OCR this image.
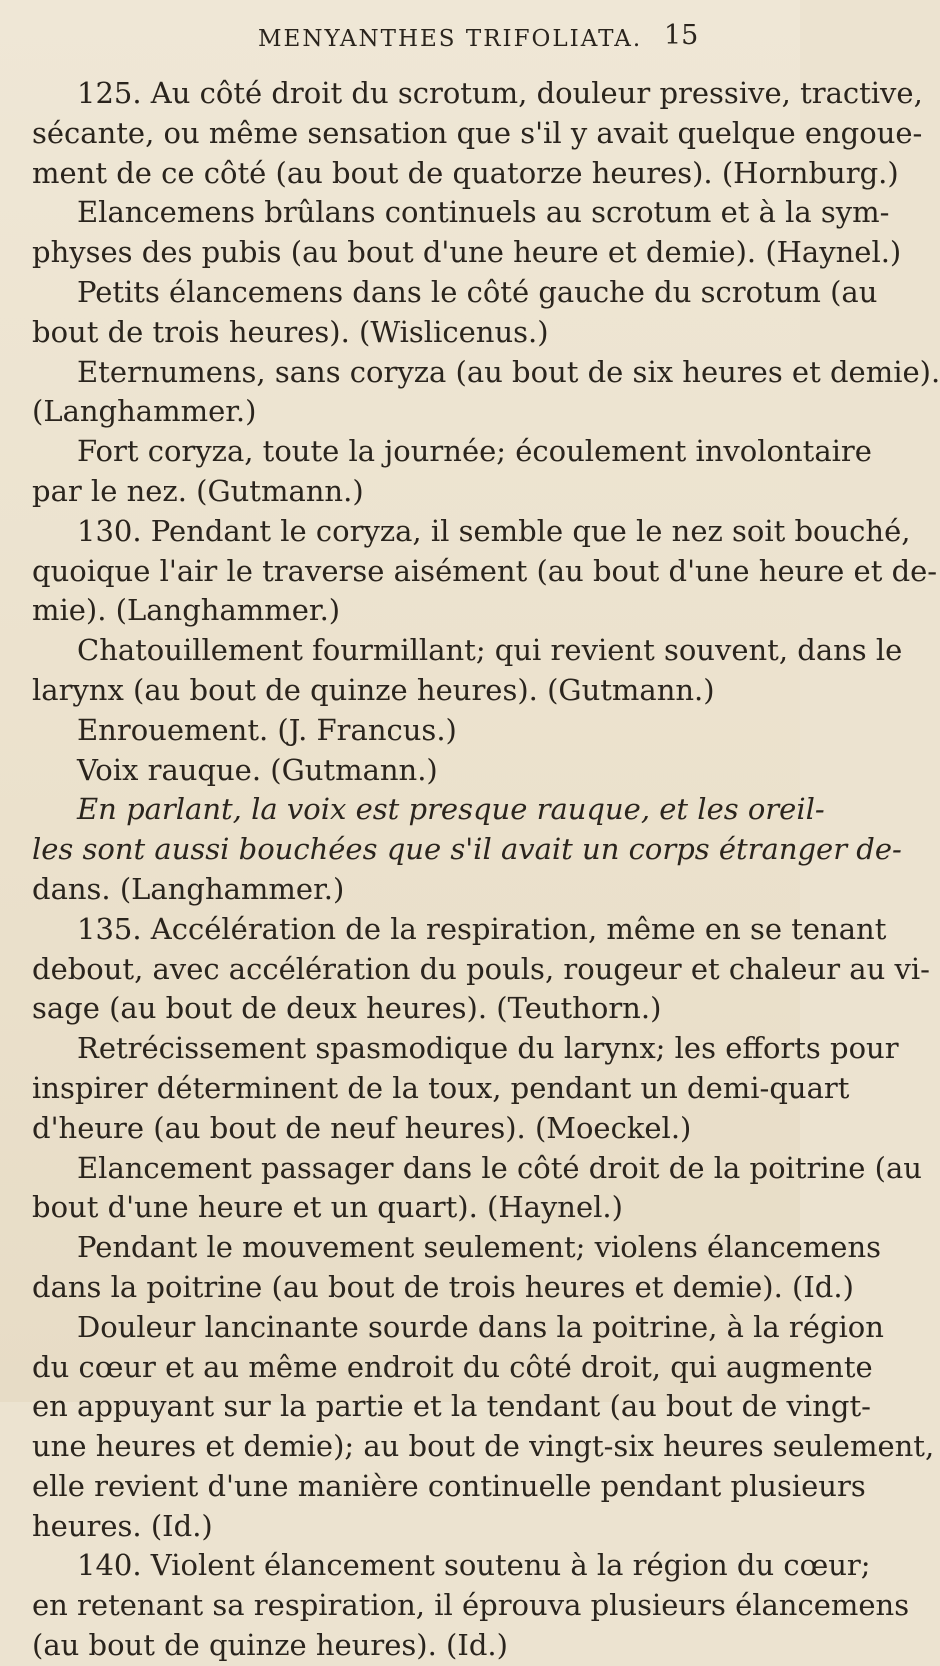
MENYANTHES TRIFOLIATA. 15
125. Au côté droit du scrotum, douleur pressive, tractive,
sécante, ou même sensation que s'il y avait quelque engoue-
ment de ce côté (au bout de quatorze heures). (Hornburg.)
Elancemens brûlans continuels au scrotum et à la sym-
physes des pubis (au bout d'une heure et demie). (Haynel.)
Petits élancemens dans le côté gauche du scrotum (au
bout de trois heures). (Wislicenus.)
Eternumens, sans coryza (au bout de six heures et demie).
(Langhammer.)
Fort coryza, toute la journée; écoulement involontaire
par le nez. (Gutmann.)
130. Pendant le coryza, il semble que le nez soit bouché,
quoique l'air le traverse aisément (au bout d'une heure et de-
mie). (Langhammer.)
Chatouillement fourmillant; qui revient souvent, dans le
larynx (au bout de quinze heures). (Gutmann.)
Enrouement. (J. Francus.)
Voix rauque. (Gutmann.)
En parlant, la voix est presque rauque, et les oreil-
les sont aussi bouchées que s'il avait un corps étranger de-
dans. (Langhammer.)
135. Accélération de la respiration, même en se tenant
debout, avec accélération du pouls, rougeur et chaleur au vi-
sage (au bout de deux heures). (Teuthorn.)
Retrécissement spasmodique du larynx; les efforts pour
inspirer déterminent de la toux, pendant un demi-quart
d'heure (au bout de neuf heures). (Moeckel.)
Elancement passager dans le côté droit de la poitrine (au
bout d'une heure et un quart). (Haynel.)
Pendant le mouvement seulement; violens élancemens
dans la poitrine (au bout de trois heures et demie). (Id.)
Douleur lancinante sourde dans la poitrine, à la région
du cœur et au même endroit du côté droit, qui augmente
en appuyant sur la partie et la tendant (au bout de vingt-
une heures et demie); au bout de vingt-six heures seulement,
elle revient d'une manière continuelle pendant plusieurs
heures. (Id.)
140. Violent élancement soutenu à la région du cœur;
en retenant sa respiration, il éprouva plusieurs élancemens
(au bout de quinze heures). (Id.)
